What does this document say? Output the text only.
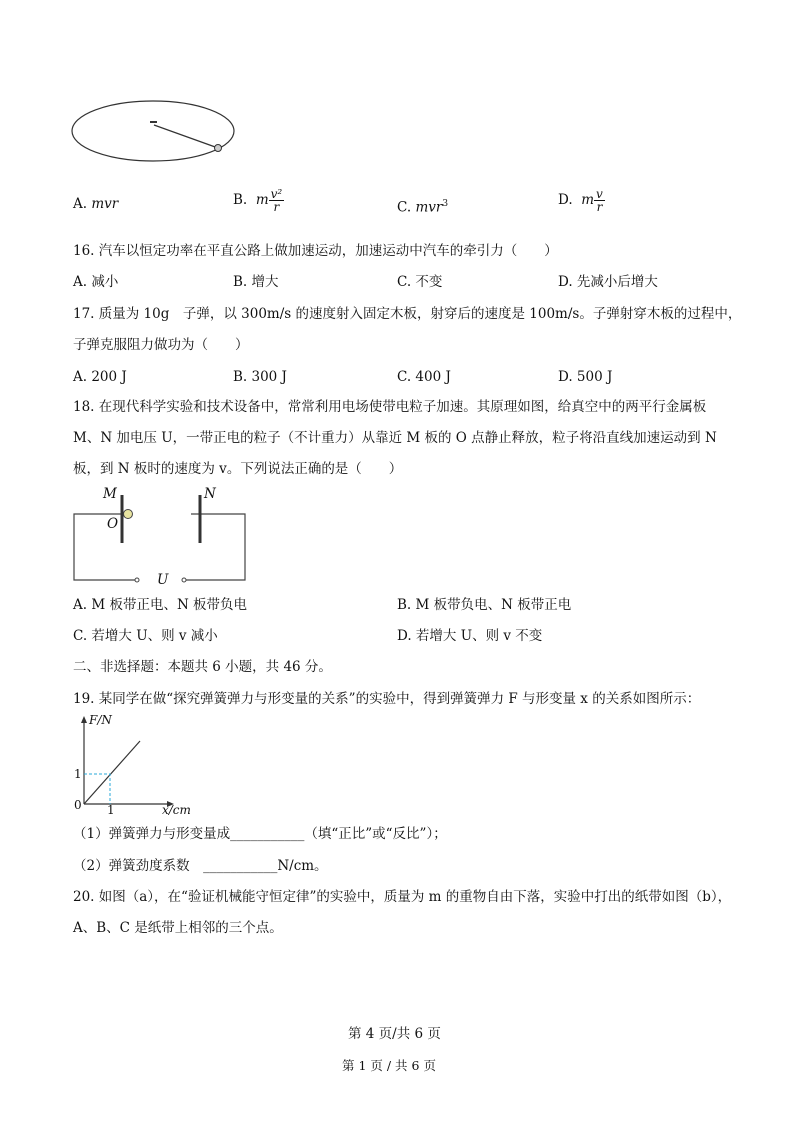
A. mvr	B. m $\frac{\text{v²}}{r}$	C. mvr$^3$	D. m $\frac{v}{r}$
16. 汽车以恒定功率在平直公路上做加速运动，加速运动中汽车的牵引力（　　）
A. 减小	B. 增大	C. 不变	D. 先减小后增大
17. 质量为 10g　子弹，以 300m/s 的速度射入固定木板，射穿后的速度是 100m/s。子弹射穿木板的过程中，
子弹克服阻力做功为（　　）
A. 200 J	B. 300 J	C. 400 J	D. 500 J
18. 在现代科学实验和技术设备中，常常利用电场使带电粒子加速。其原理如图，给真空中的两平行金属板
M、N 加电压 U，一带正电的粒子（不计重力）从靠近 M 板的 O 点静止释放，粒子将沿直线加速运动到 N
板，到 N 板时的速度为 v。下列说法正确的是（　　）
M	N
O
U
A. M 板带正电、N 板带负电	B. M 板带负电、N 板带正电
C. 若增大 U、则 v 减小	D. 若增大 U、则 v 不变
二、非选择题：本题共 6 小题，共 46 分。
19. 某同学在做“探究弹簧弹力与形变量的关系”的实验中，得到弹簧弹力 F 与形变量 x 的关系如图所示：
F/N
1
0 1	x/cm
（1）弹簧弹力与形变量成___________（填“正比”或“反比”）；
（2）弹簧劲度系数　___________N/cm。
20. 如图（a），在“验证机械能守恒定律”的实验中，质量为 m 的重物自由下落，实验中打出的纸带如图（b），
A、B、C 是纸带上相邻的三个点。
第 4 页/共 6 页
第 1 页 / 共 6 页
